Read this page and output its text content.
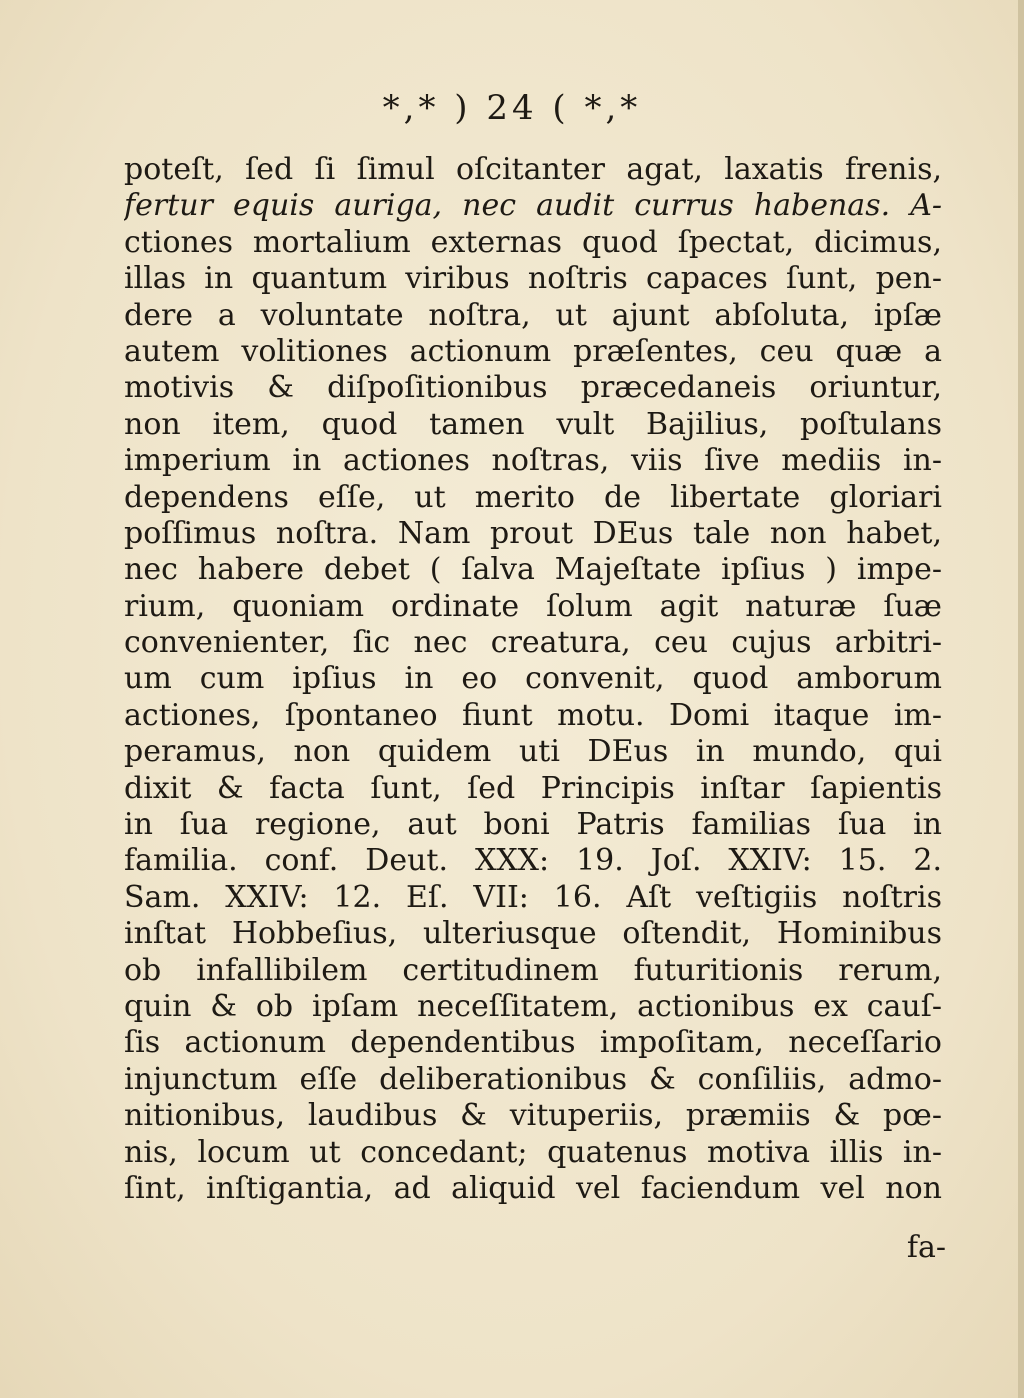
*,* ) 24 ( *,*
poteſt, ſed ſi ſimul oſcitanter agat, laxatis frenis,
fertur equis auriga, nec audit currus habenas. A-
ctiones mortalium externas quod ſpectat, dicimus,
illas in quantum viribus noſtris capaces ſunt, pen-
dere a voluntate noſtra, ut ajunt abſoluta, ipſæ
autem volitiones actionum præſentes, ceu quæ a
motivis & diſpoſitionibus præcedaneis oriuntur,
non item, quod tamen vult Bajilius, poſtulans
imperium in actiones noſtras, viis ſive mediis in-
dependens eſſe, ut merito de libertate gloriari
poſſimus noſtra. Nam prout DEus tale non habet,
nec habere debet ( ſalva Majeſtate ipſius ) impe-
rium, quoniam ordinate ſolum agit naturæ ſuæ
convenienter, ſic nec creatura, ceu cujus arbitri-
um cum ipſius in eo convenit, quod amborum
actiones, ſpontaneo fiunt motu. Domi itaque im-
peramus, non quidem uti DEus in mundo, qui
dixit & facta ſunt, ſed Principis inſtar ſapientis
in ſua regione, aut boni Patris familias ſua in
familia. conf. Deut. XXX: 19. Joſ. XXIV: 15. 2.
Sam. XXIV: 12. Eſ. VII: 16. Aſt veſtigiis noſtris
inſtat Hobbeſius, ulteriusque oſtendit, Hominibus
ob infallibilem certitudinem futuritionis rerum,
quin & ob ipſam neceſſitatem, actionibus ex cauſ-
ſis actionum dependentibus impoſitam, neceſſario
injunctum eſſe deliberationibus & conſiliis, admo-
nitionibus, laudibus & vituperiis, præmiis & pœ-
nis, locum ut concedant; quatenus motiva illis in-
ſint, inſtigantia, ad aliquid vel faciendum vel non
fa-
